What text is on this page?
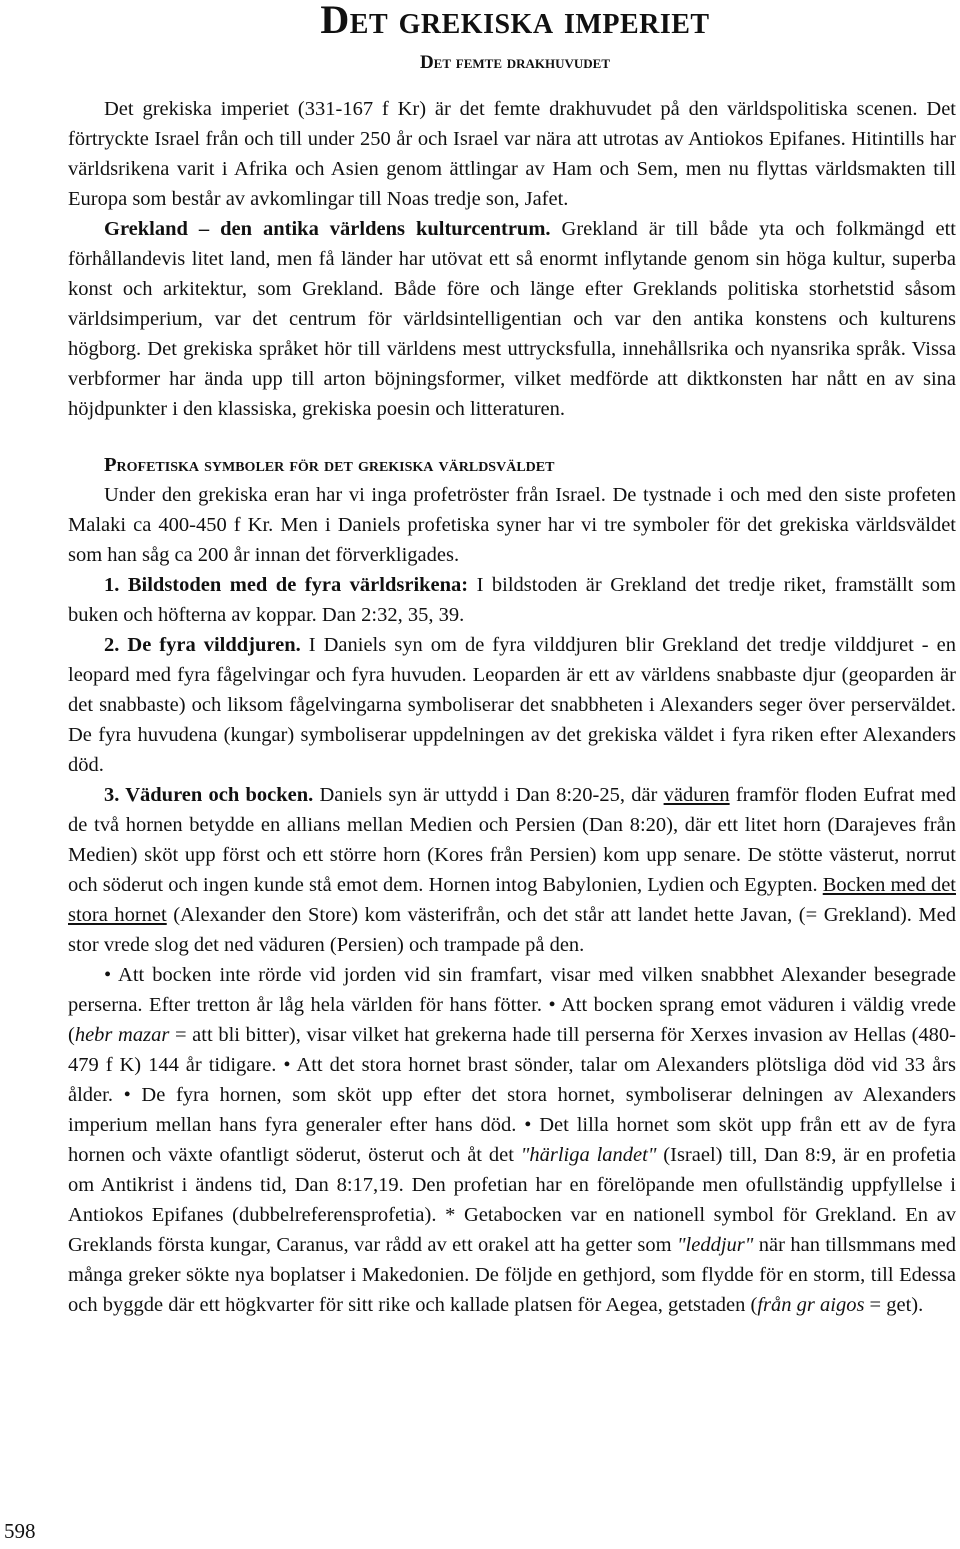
Det grekiska imperiet
Det femte drakhuvudet

Det grekiska imperiet (331-167 f Kr) är det femte drakhuvudet på den världspolitiska scenen. Det förtryckte Israel från och till under 250 år och Israel var nära att utrotas av Antiokos Epifanes. Hitintills har världsrikena varit i Afrika och Asien genom ättlingar av Ham och Sem, men nu flyttas världsmakten till Europa som består av avkomlingar till Noas tredje son, Jafet.

Grekland – den antika världens kulturcentrum. Grekland är till både yta och folkmängd ett förhållandevis litet land, men få länder har utövat ett så enormt inflytande genom sin höga kultur, superba konst och arkitektur, som Grekland. Både före och länge efter Greklands politiska storhetstid såsom världsimperium, var det centrum för världsintelligentian och var den antika konstens och kulturens högborg. Det grekiska språket hör till världens mest uttrycksfulla, innehållsrika och nyansrika språk. Vissa verbformer har ända upp till arton böjningsformer, vilket medförde att diktkonsten har nått en av sina höjdpunkter i den klassiska, grekiska poesin och litteraturen.

Profetiska symboler för det grekiska världsväldet

Under den grekiska eran har vi inga profetröster från Israel. De tystnade i och med den siste profeten Malaki ca 400-450 f Kr. Men i Daniels profetiska syner har vi tre symboler för det grekiska världsväldet som han såg ca 200 år innan det förverkligades.

1. Bildstoden med de fyra världsrikena: I bildstoden är Grekland det tredje riket, framställt som buken och höfterna av koppar. Dan 2:32, 35, 39.

2. De fyra vilddjuren. I Daniels syn om de fyra vilddjuren blir Grekland det tredje vilddjuret - en leopard med fyra fågelvingar och fyra huvuden. Leoparden är ett av världens snabbaste djur (geoparden är det snabbaste) och liksom fågelvingarna symboliserar det snabbheten i Alexanders seger över perserväldet. De fyra huvudena (kungar) symboliserar uppdelningen av det grekiska väldet i fyra riken efter Alexanders död.

3. Väduren och bocken. Daniels syn är uttydd i Dan 8:20-25, där väduren framför floden Eufrat med de två hornen betydde en allians mellan Medien och Persien (Dan 8:20), där ett litet horn (Darajeves från Medien) sköt upp först och ett större horn (Kores från Persien) kom upp senare. De stötte västerut, norrut och söderut och ingen kunde stå emot dem. Hornen intog Babylonien, Lydien och Egypten. Bocken med det stora hornet (Alexander den Store) kom västerifrån, och det står att landet hette Javan, (= Grekland). Med stor vrede slog det ned väduren (Persien) och trampade på den.

• Att bocken inte rörde vid jorden vid sin framfart, visar med vilken snabbhet Alexander besegrade perserna. Efter tretton år låg hela världen för hans fötter. • Att bocken sprang emot väduren i väldig vrede (hebr mazar = att bli bitter), visar vilket hat grekerna hade till perserna för Xerxes invasion av Hellas (480-479 f K) 144 år tidigare. • Att det stora hornet brast sönder, talar om Alexanders plötsliga död vid 33 års ålder. • De fyra hornen, som sköt upp efter det stora hornet, symboliserar delningen av Alexanders imperium mellan hans fyra generaler efter hans död. • Det lilla hornet som sköt upp från ett av de fyra hornen och växte ofantligt söderut, österut och åt det "härliga landet" (Israel) till, Dan 8:9, är en profetia om Antikrist i ändens tid, Dan 8:17,19. Den profetian har en förelöpande men ofullständig uppfyllelse i Antiokos Epifanes (dubbelreferensprofetia). * Getabocken var en nationell symbol för Grekland. En av Greklands första kungar, Caranus, var rådd av ett orakel att ha getter som "leddjur" när han tillsmmans med många greker sökte nya boplatser i Makedonien. De följde en gethjord, som flydde för en storm, till Edessa och byggde där ett högkvarter för sitt rike och kallade platsen för Aegea, getstaden (från gr aigos = get).

598
